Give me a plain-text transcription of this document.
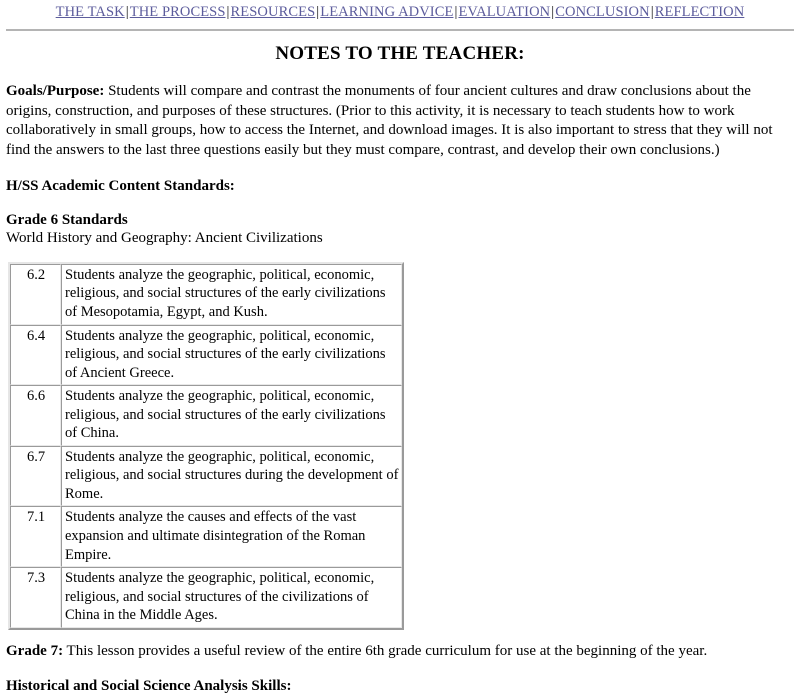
THE TASK|THE PROCESS|RESOURCES|LEARNING ADVICE|EVALUATION|CONCLUSION|REFLECTION
NOTES TO THE TEACHER:

Goals/Purpose: Students will compare and contrast the monuments of four ancient cultures and draw conclusions about the origins, construction, and purposes of these structures. (Prior to this activity, it is necessary to teach students how to work collaboratively in small groups, how to access the Internet, and download images. It is also important to stress that they will not find the answers to the last three questions easily but they must compare, contrast, and develop their own conclusions.)

H/SS Academic Content Standards:
Grade 6 Standards
World History and Geography: Ancient Civilizations
6.2	Students analyze the geographic, political, economic, religious, and social structures of the early civilizations of Mesopotamia, Egypt, and Kush.
6.4	Students analyze the geographic, political, economic, religious, and social structures of the early civilizations of Ancient Greece.
6.6	Students analyze the geographic, political, economic, religious, and social structures of the early civilizations of China.
6.7	Students analyze the geographic, political, economic, religious, and social structures during the development of Rome.
7.1	Students analyze the causes and effects of the vast expansion and ultimate disintegration of the Roman Empire.
7.3	Students analyze the geographic, political, economic, religious, and social structures of the civilizations of China in the Middle Ages.

Grade 7: This lesson provides a useful review of the entire 6th grade curriculum for use at the beginning of the year.

Historical and Social Science Analysis Skills:
